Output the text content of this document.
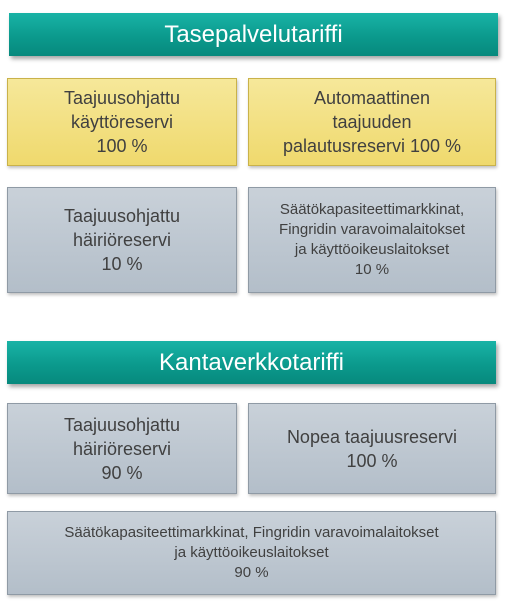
Tasepalvelutariffi
Taajuusohjattu
käyttöreservi
100 %
Automaattinen
taajuuden
palautusreservi 100 %
Taajuusohjattu
häiriöreservi
10 %
Säätökapasiteettimarkkinat,
Fingridin varavoimalaitokset
ja käyttöoikeuslaitokset
10 %
Kantaverkkotariffi
Taajuusohjattu
häiriöreservi
90 %
Nopea taajuusreservi
100 %
Säätökapasiteettimarkkinat, Fingridin varavoimalaitokset
ja käyttöoikeuslaitokset
90 %
